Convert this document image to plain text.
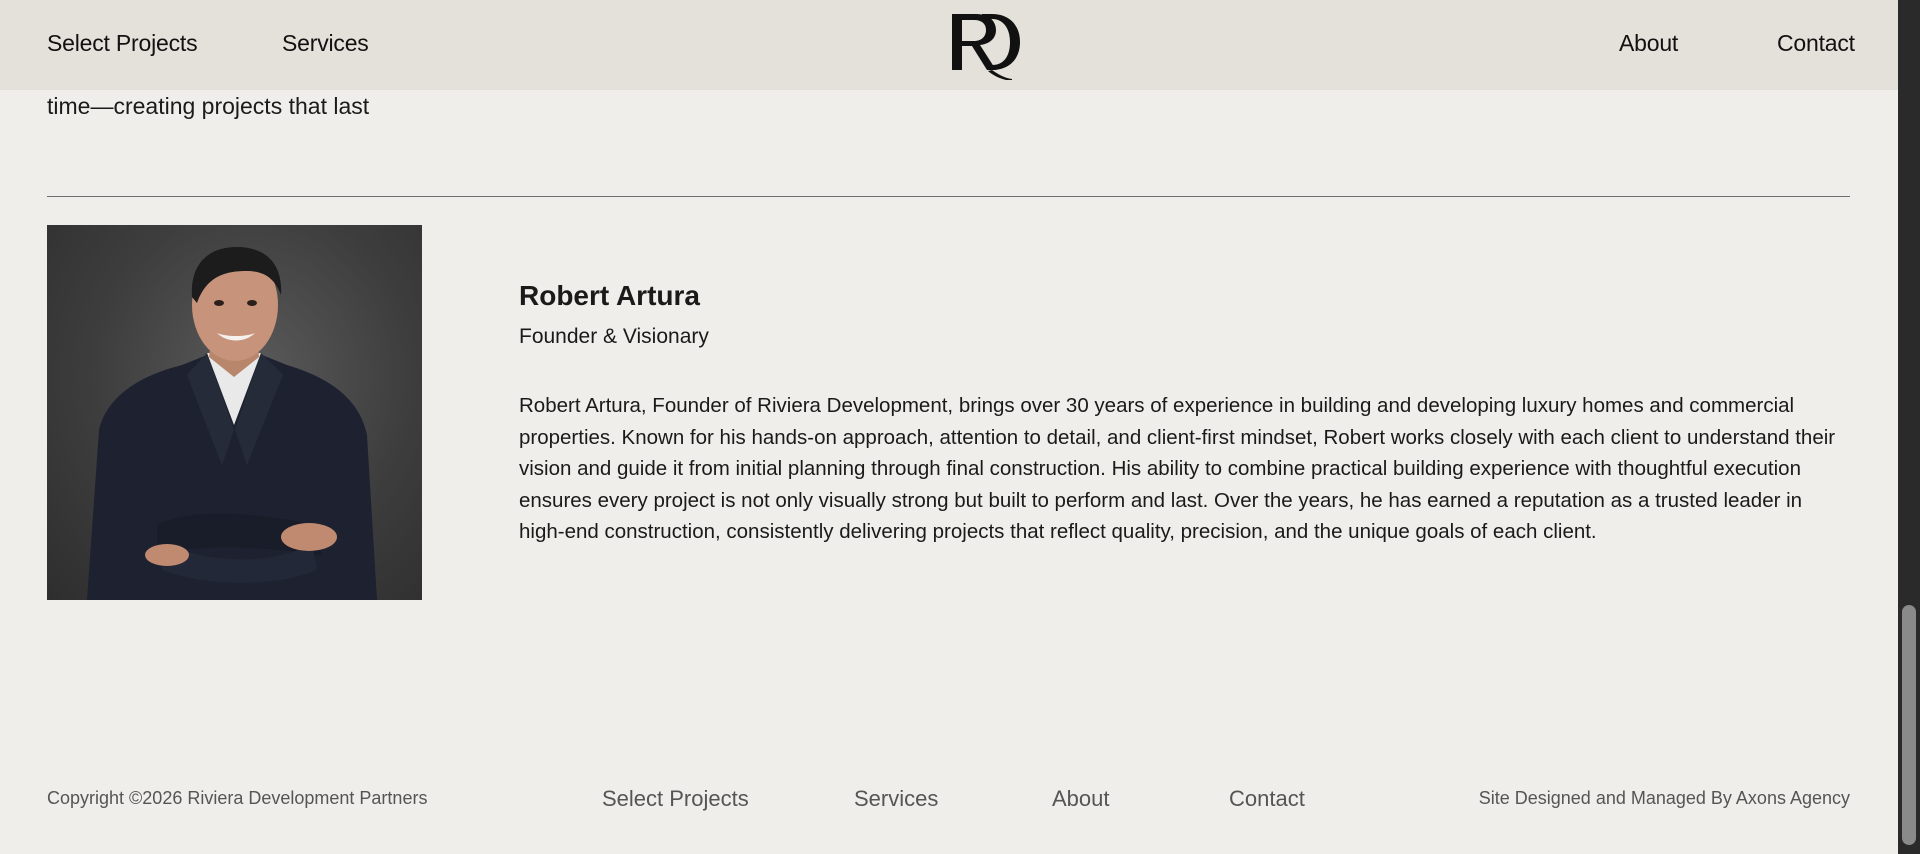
Select Projects	Services	About	Contact

time—creating projects that last

Robert Artura

Founder & Visionary

Robert Artura, Founder of Riviera Development, brings over 30 years of experience in building and developing luxury homes and commercial properties. Known for his hands-on approach, attention to detail, and client-first mindset, Robert works closely with each client to understand their vision and guide it from initial planning through final construction. His ability to combine practical building experience with thoughtful execution ensures every project is not only visually strong but built to perform and last. Over the years, he has earned a reputation as a trusted leader in high-end construction, consistently delivering projects that reflect quality, precision, and the unique goals of each client.

Copyright ©2026 Riviera Development Partners	Select Projects	Services	About	Contact	Site Designed and Managed By Axons Agency
